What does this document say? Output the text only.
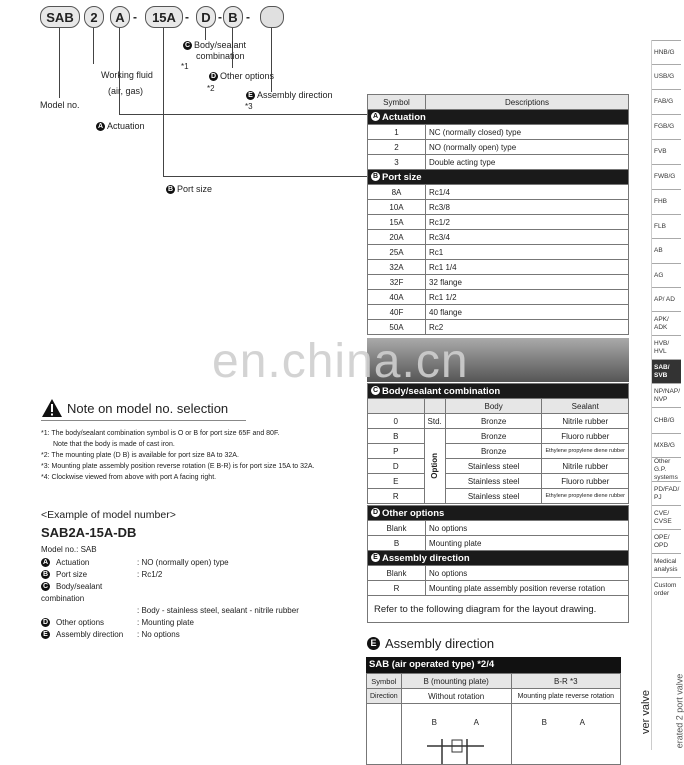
SAB	2	A -	15A - D - B -
Model no.
Working fluid
(air, gas)
A Actuation
B Port size
C Body/sealant
combination
*1
D Other options
*2
E Assembly direction
*3	Symbol	Descriptions
A Actuation	
1	NC (normally closed) type
2	NO (normally open) type
3	Double acting type
B Port size	
8A	Rc1/4
10A	Rc3/8
15A	Rc1/2
20A	Rc3/4
25A	Rc1
32A	Rc1 1/4
32F	32 flange
40A	Rc1 1/2
40F	40 flange
50A	Rc2
C Body/sealant combination			
		Body	Sealant
0	Std.	Bronze	Nitrile rubber
B	Option	Bronze	Fluoro rubber
P		Bronze	Ethylene propylene diene rubber
D		Stainless steel	Nitrile rubber
E		Stainless steel	Fluoro rubber
R		Stainless steel	Ethylene propylene diene rubber
D Other options	
Blank	No options
B	Mounting plate
E Assembly direction	
Blank	No options
R	Mounting plate assembly position reverse rotation
Refer to the following diagram for the layout drawing.	
Note on model no. selection
*1: The body/sealant combination symbol is O or B for port size 65F and 80F.
Note that the body is made of cast iron.
*2: The mounting plate (D B) is available for port size 8A to 32A.
*3: Mounting plate assembly position reverse rotation (E B-R) is for port size 15A to 32A.
*4: Clockwise viewed from above with port A facing right.
<Example of model number>
SAB2A-15A-DB
Model no.: SAB
A Actuation	: NO (normally open) type
B Port size	: Rc1/2
C Body/sealant combination
: Body - stainless steel, sealant - nitrile rubber
D Other options	: Mounting plate
E Assembly direction	: No options
E Assembly direction
SAB (air operated type) *2/4
Symbol	B (mounting plate)	B-R *3
Direction	Without rotation	Mounting plate reverse rotation

	B A	B A
HNB/G
USB/G
FAB/G
FGB/G
FVB
FWB/G
FHB
FLB
AB
AG
AP/ AD
APK/ ADK
HVB/ HVL
SAB/ SVB
NP/NAP/ NVP
CHB/G
MXB/G
Other G.P. systems
PD/FAD/ PJ
CVE/ CVSE
OPE/ OPD
Medical analysis
Custom order
ver valve erated 2 port valve
en.china.cn
